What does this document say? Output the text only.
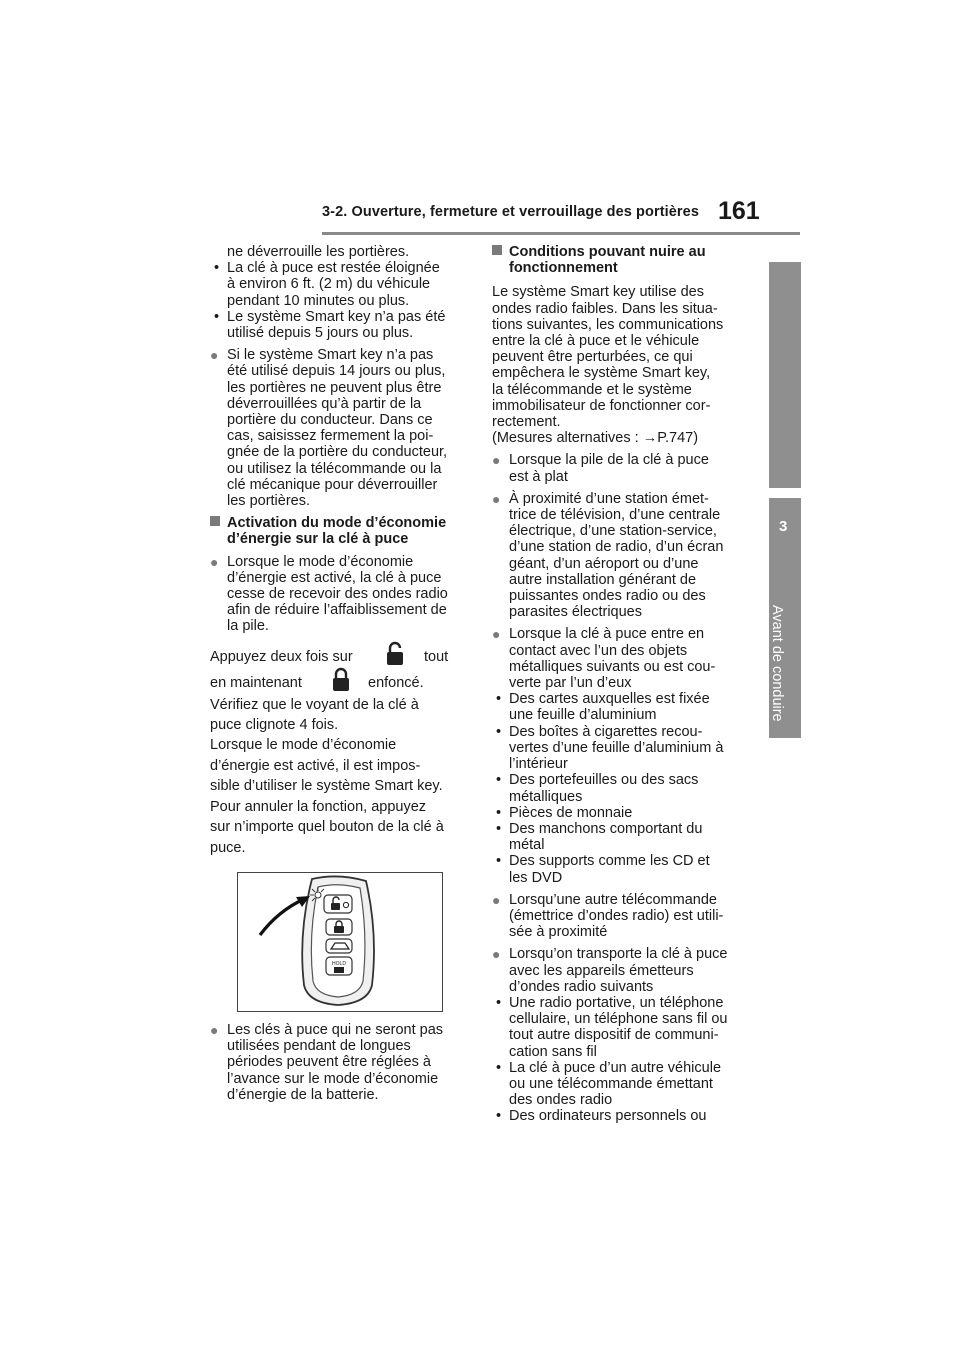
3-2. Ouverture, fermeture et verrouillage des portières 161
3
Avant de conduire
ne déverrouille les portières.
• La clé à puce est restée éloignée
à environ 6 ft. (2 m) du véhicule
pendant 10 minutes ou plus.
• Le système Smart key n’a pas été
utilisé depuis 5 jours ou plus.
● Si le système Smart key n’a pas
été utilisé depuis 14 jours ou plus,
les portières ne peuvent plus être
déverrouillées qu’à partir de la
portière du conducteur. Dans ce
cas, saisissez fermement la poi-
gnée de la portière du conducteur,
ou utilisez la télécommande ou la
clé mécanique pour déverrouiller
les portières.
Activation du mode d’économie
d’énergie sur la clé à puce
● Lorsque le mode d’économie
d’énergie est activé, la clé à puce
cesse de recevoir des ondes radio
afin de réduire l’affaiblissement de
la pile.
Appuyez deux fois sur	tout
en maintenant	enfoncé.
Vérifiez que le voyant de la clé à
puce clignote 4 fois.
Lorsque le mode d’économie
d’énergie est activé, il est impos-
sible d’utiliser le système Smart key.
Pour annuler la fonction, appuyez
sur n’importe quel bouton de la clé à
puce.
HOLD
● Les clés à puce qui ne seront pas
utilisées pendant de longues
périodes peuvent être réglées à
l’avance sur le mode d’économie
d’énergie de la batterie.
Conditions pouvant nuire au
fonctionnement
Le système Smart key utilise des
ondes radio faibles. Dans les situa-
tions suivantes, les communications
entre la clé à puce et le véhicule
peuvent être perturbées, ce qui
empêchera le système Smart key,
la télécommande et le système
immobilisateur de fonctionner cor-
rectement.
(Mesures alternatives : →P.747)
● Lorsque la pile de la clé à puce
est à plat
● À proximité d’une station émet-
trice de télévision, d’une centrale
électrique, d’une station-service,
d’une station de radio, d’un écran
géant, d’un aéroport ou d’une
autre installation générant de
puissantes ondes radio ou des
parasites électriques
● Lorsque la clé à puce entre en
contact avec l’un des objets
métalliques suivants ou est cou-
verte par l’un d’eux
• Des cartes auxquelles est fixée
une feuille d’aluminium
• Des boîtes à cigarettes recou-
vertes d’une feuille d’aluminium à
l’intérieur
• Des portefeuilles ou des sacs
métalliques
• Pièces de monnaie
• Des manchons comportant du
métal
• Des supports comme les CD et
les DVD
● Lorsqu’une autre télécommande
(émettrice d’ondes radio) est utili-
sée à proximité
● Lorsqu’on transporte la clé à puce
avec les appareils émetteurs
d’ondes radio suivants
• Une radio portative, un téléphone
cellulaire, un téléphone sans fil ou
tout autre dispositif de communi-
cation sans fil
• La clé à puce d’un autre véhicule
ou une télécommande émettant
des ondes radio
• Des ordinateurs personnels ou
